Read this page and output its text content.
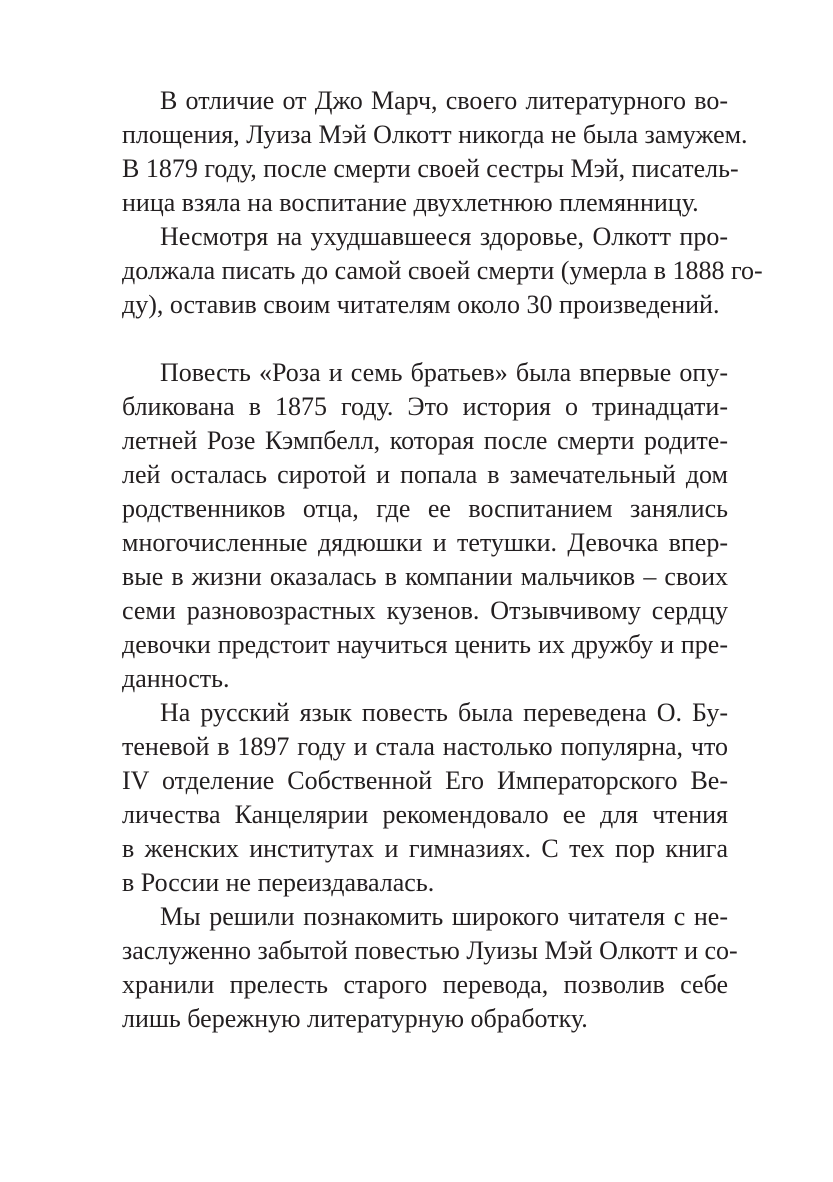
В отличие от Джо Марч, своего литературного во-
площения, Луиза Мэй Олкотт никогда не была замужем.
В 1879 году, после смерти своей сестры Мэй, писатель-
ница взяла на воспитание двухлетнюю племянницу.
Несмотря на ухудшавшееся здоровье, Олкотт про-
должала писать до самой своей смерти (умерла в 1888 го-
ду), оставив своим читателям около 30 произведений.
Повесть «Роза и семь братьев» была впервые опу-
бликована в 1875 году. Это история о тринадцати-
летней Розе Кэмпбелл, которая после смерти родите-
лей осталась сиротой и попала в замечательный дом
родственников отца, где ее воспитанием занялись
многочисленные дядюшки и тетушки. Девочка впер-
вые в жизни оказалась в компании мальчиков – своих
семи разновозрастных кузенов. Отзывчивому сердцу
девочки предстоит научиться ценить их дружбу и пре-
данность.
На русский язык повесть была переведена О. Бу-
теневой в 1897 году и стала настолько популярна, что
IV отделение Собственной Его Императорского Ве-
личества Канцелярии рекомендовало ее для чтения
в женских институтах и гимназиях. С тех пор книга
в России не переиздавалась.
Мы решили познакомить широкого читателя с не-
заслуженно забытой повестью Луизы Мэй Олкотт и со-
хранили прелесть старого перевода, позволив себе
лишь бережную литературную обработку.
